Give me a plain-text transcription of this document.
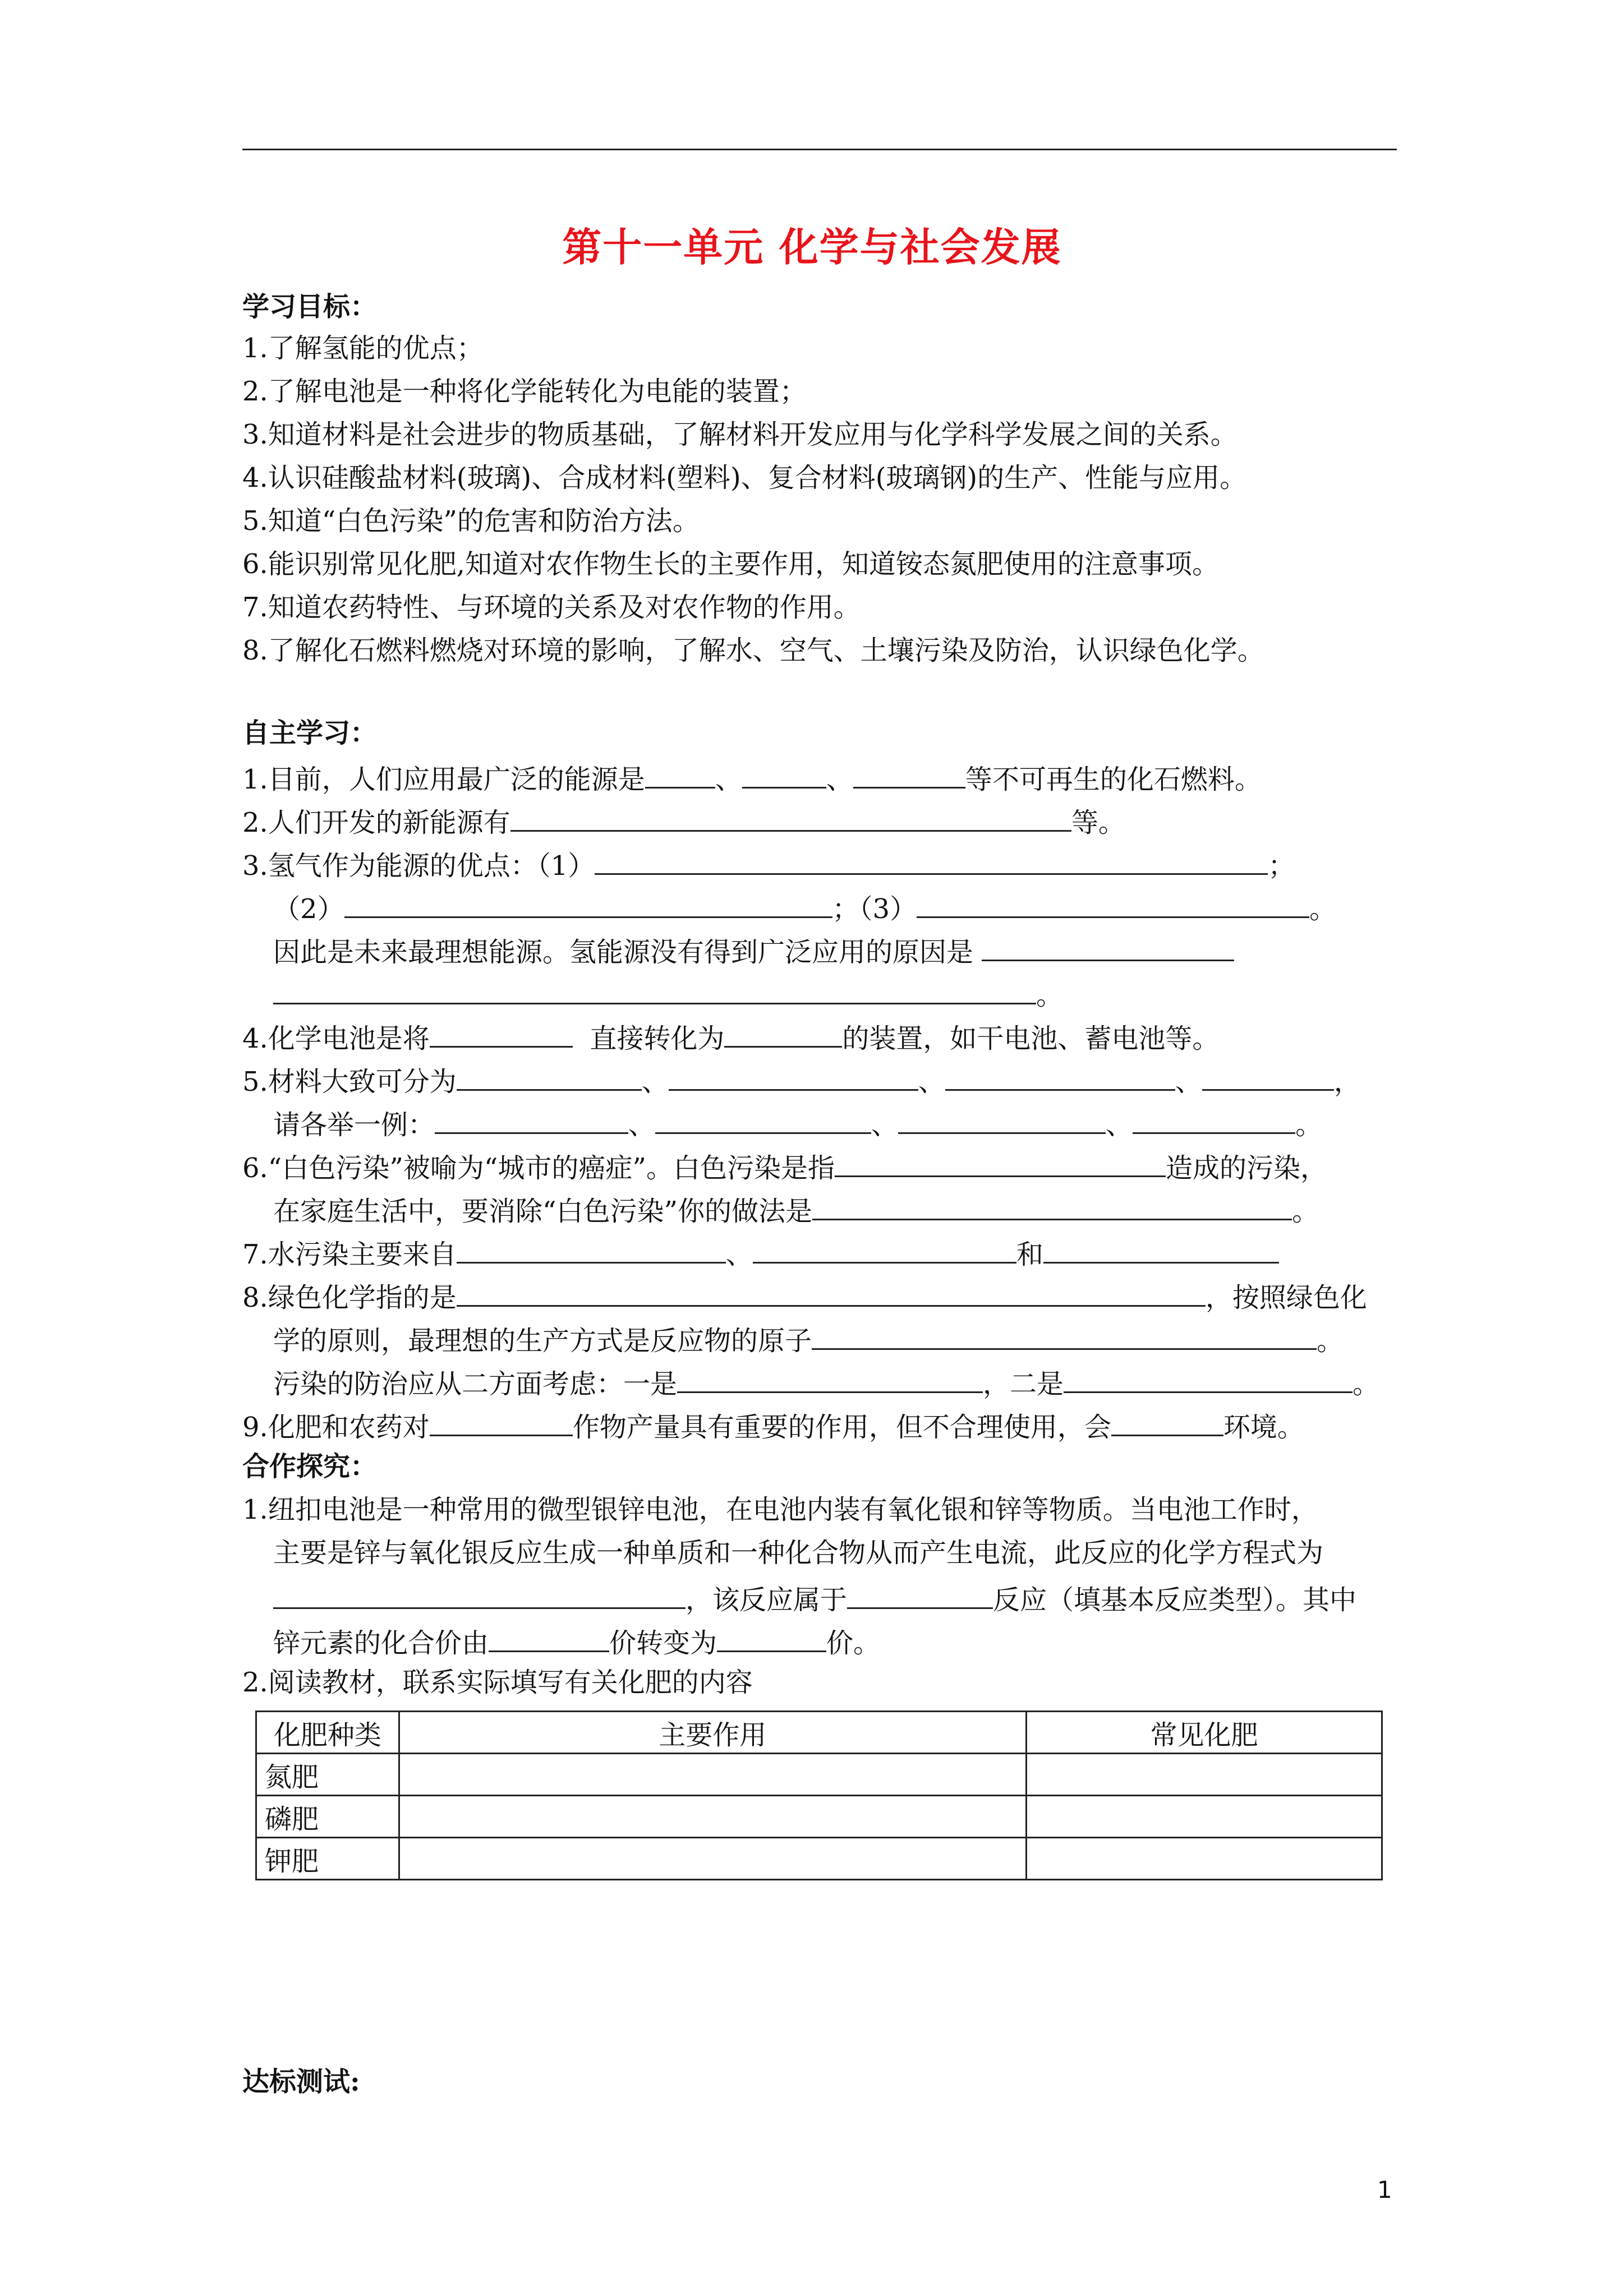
第十一单元 化学与社会发展
学习目标：
1.了解氢能的优点；
2.了解电池是一种将化学能转化为电能的装置；
3.知道材料是社会进步的物质基础，了解材料开发应用与化学科学发展之间的关系。
4.认识硅酸盐材料(玻璃)、合成材料(塑料)、复合材料(玻璃钢)的生产、性能与应用。
5.知道“白色污染”的危害和防治方法。
6.能识别常见化肥,知道对农作物生长的主要作用，知道铵态氮肥使用的注意事项。
7.知道农药特性、与环境的关系及对农作物的作用。
8.了解化石燃料燃烧对环境的影响，了解水、空气、土壤污染及防治，认识绿色化学。
自主学习：
1.目前，人们应用最广泛的能源是	、	、	等不可再生的化石燃料。
2.人们开发的新能源有	等。
3.氢气作为能源的优点：（1）	；
（2）	；（3）	。
因此是未来最理想能源。氢能源没有得到广泛应用的原因是
。
4.化学电池是将	直接转化为	的装置，如干电池、蓄电池等。
5.材料大致可分为	、	、	、	，
请各举一例：	、	、	、	。
6.“白色污染”被喻为“城市的癌症”。白色污染是指	造成的污染，
在家庭生活中，要消除“白色污染”你的做法是	。
7.水污染主要来自	、	和
8.绿色化学指的是	，按照绿色化
学的原则，最理想的生产方式是反应物的原子	。
污染的防治应从二方面考虑：一是	，二是	。
9.化肥和农药对	作物产量具有重要的作用，但不合理使用，会	环境。
合作探究：
1.纽扣电池是一种常用的微型银锌电池，在电池内装有氧化银和锌等物质。当电池工作时，
主要是锌与氧化银反应生成一种单质和一种化合物从而产生电流，此反应的化学方程式为
，该反应属于	反应（填基本反应类型）。其中
锌元素的化合价由	价转变为	价。
2.阅读教材，联系实际填写有关化肥的内容
化肥种类	主要作用	常见化肥
氮肥		
磷肥		
钾肥		
达标测试:
1
